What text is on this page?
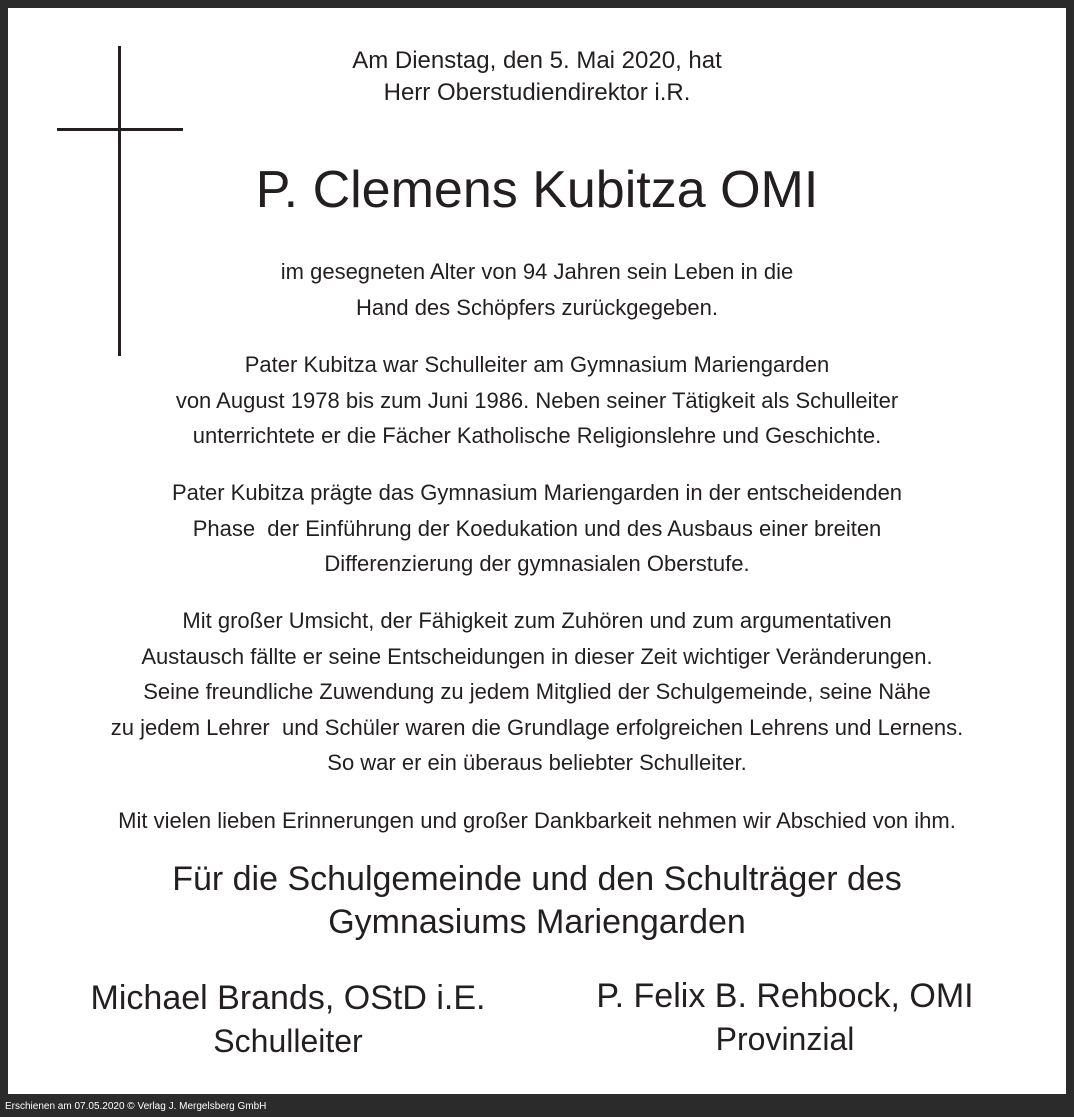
Am Dienstag, den 5. Mai 2020, hat
Herr Oberstudiendirektor i.R.
P. Clemens Kubitza OMI
im gesegneten Alter von 94 Jahren sein Leben in die
Hand des Schöpfers zurückgegeben.
Pater Kubitza war Schulleiter am Gymnasium Mariengarden
von August 1978 bis zum Juni 1986. Neben seiner Tätigkeit als Schulleiter
unterrichtete er die Fächer Katholische Religionslehre und Geschichte.
Pater Kubitza prägte das Gymnasium Mariengarden in der entscheidenden
Phase  der Einführung der Koedukation und des Ausbaus einer breiten
Differenzierung der gymnasialen Oberstufe.
Mit großer Umsicht, der Fähigkeit zum Zuhören und zum argumentativen
Austausch fällte er seine Entscheidungen in dieser Zeit wichtiger Veränderungen.
Seine freundliche Zuwendung zu jedem Mitglied der Schulgemeinde, seine Nähe
zu jedem Lehrer  und Schüler waren die Grundlage erfolgreichen Lehrens und Lernens.
So war er ein überaus beliebter Schulleiter.
Mit vielen lieben Erinnerungen und großer Dankbarkeit nehmen wir Abschied von ihm.
Für die Schulgemeinde und den Schulträger des
Gymnasiums Mariengarden
Michael Brands, OStD i.E.
Schulleiter
P. Felix B. Rehbock, OMI
Provinzial
Erschienen am 07.05.2020 © Verlag J. Mergelsberg GmbH
